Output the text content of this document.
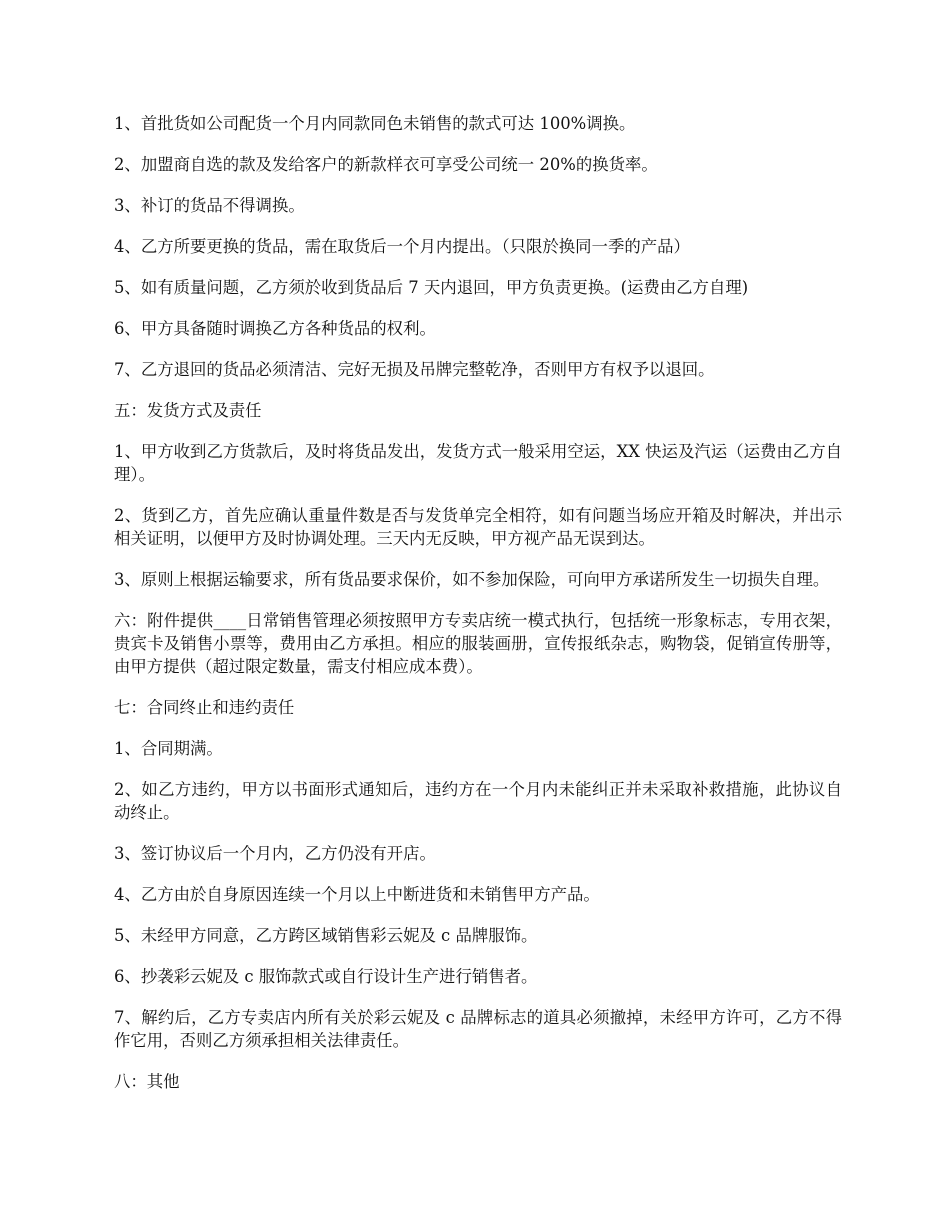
1、首批货如公司配货一个月内同款同色未销售的款式可达 100%调换。

2、加盟商自选的款及发给客户的新款样衣可享受公司统一 20%的换货率。

3、补订的货品不得调换。

4、乙方所要更换的货品，需在取货后一个月内提出。（只限於换同一季的产品）

5、如有质量问题，乙方须於收到货品后 7 天内退回，甲方负责更换。(运费由乙方自理)

6、甲方具备随时调换乙方各种货品的权利。

7、乙方退回的货品必须清洁、完好无损及吊牌完整乾净，否则甲方有权予以退回。

五：发货方式及责任

1、甲方收到乙方货款后，及时将货品发出，发货方式一般采用空运，XX 快运及汽运（运费由乙方自理）。

2、货到乙方，首先应确认重量件数是否与发货单完全相符，如有问题当场应开箱及时解决，并出示相关证明，以便甲方及时协调处理。三天内无反映，甲方视产品无误到达。

3、原则上根据运输要求，所有货品要求保价，如不参加保险，可向甲方承诺所发生一切损失自理。

六：附件提供____日常销售管理必须按照甲方专卖店统一模式执行，包括统一形象标志，专用衣架，贵宾卡及销售小票等，费用由乙方承担。相应的服装画册，宣传报纸杂志，购物袋，促销宣传册等，由甲方提供（超过限定数量，需支付相应成本费）。

七：合同终止和违约责任

1、合同期满。

2、如乙方违约，甲方以书面形式通知后，违约方在一个月内未能纠正并未采取补救措施，此协议自动终止。

3、签订协议后一个月内，乙方仍没有开店。

4、乙方由於自身原因连续一个月以上中断进货和未销售甲方产品。

5、未经甲方同意，乙方跨区域销售彩云妮及 c 品牌服饰。

6、抄袭彩云妮及 c 服饰款式或自行设计生产进行销售者。

7、解约后，乙方专卖店内所有关於彩云妮及 c 品牌标志的道具必须撤掉，未经甲方许可，乙方不得作它用，否则乙方须承担相关法律责任。

八：其他
